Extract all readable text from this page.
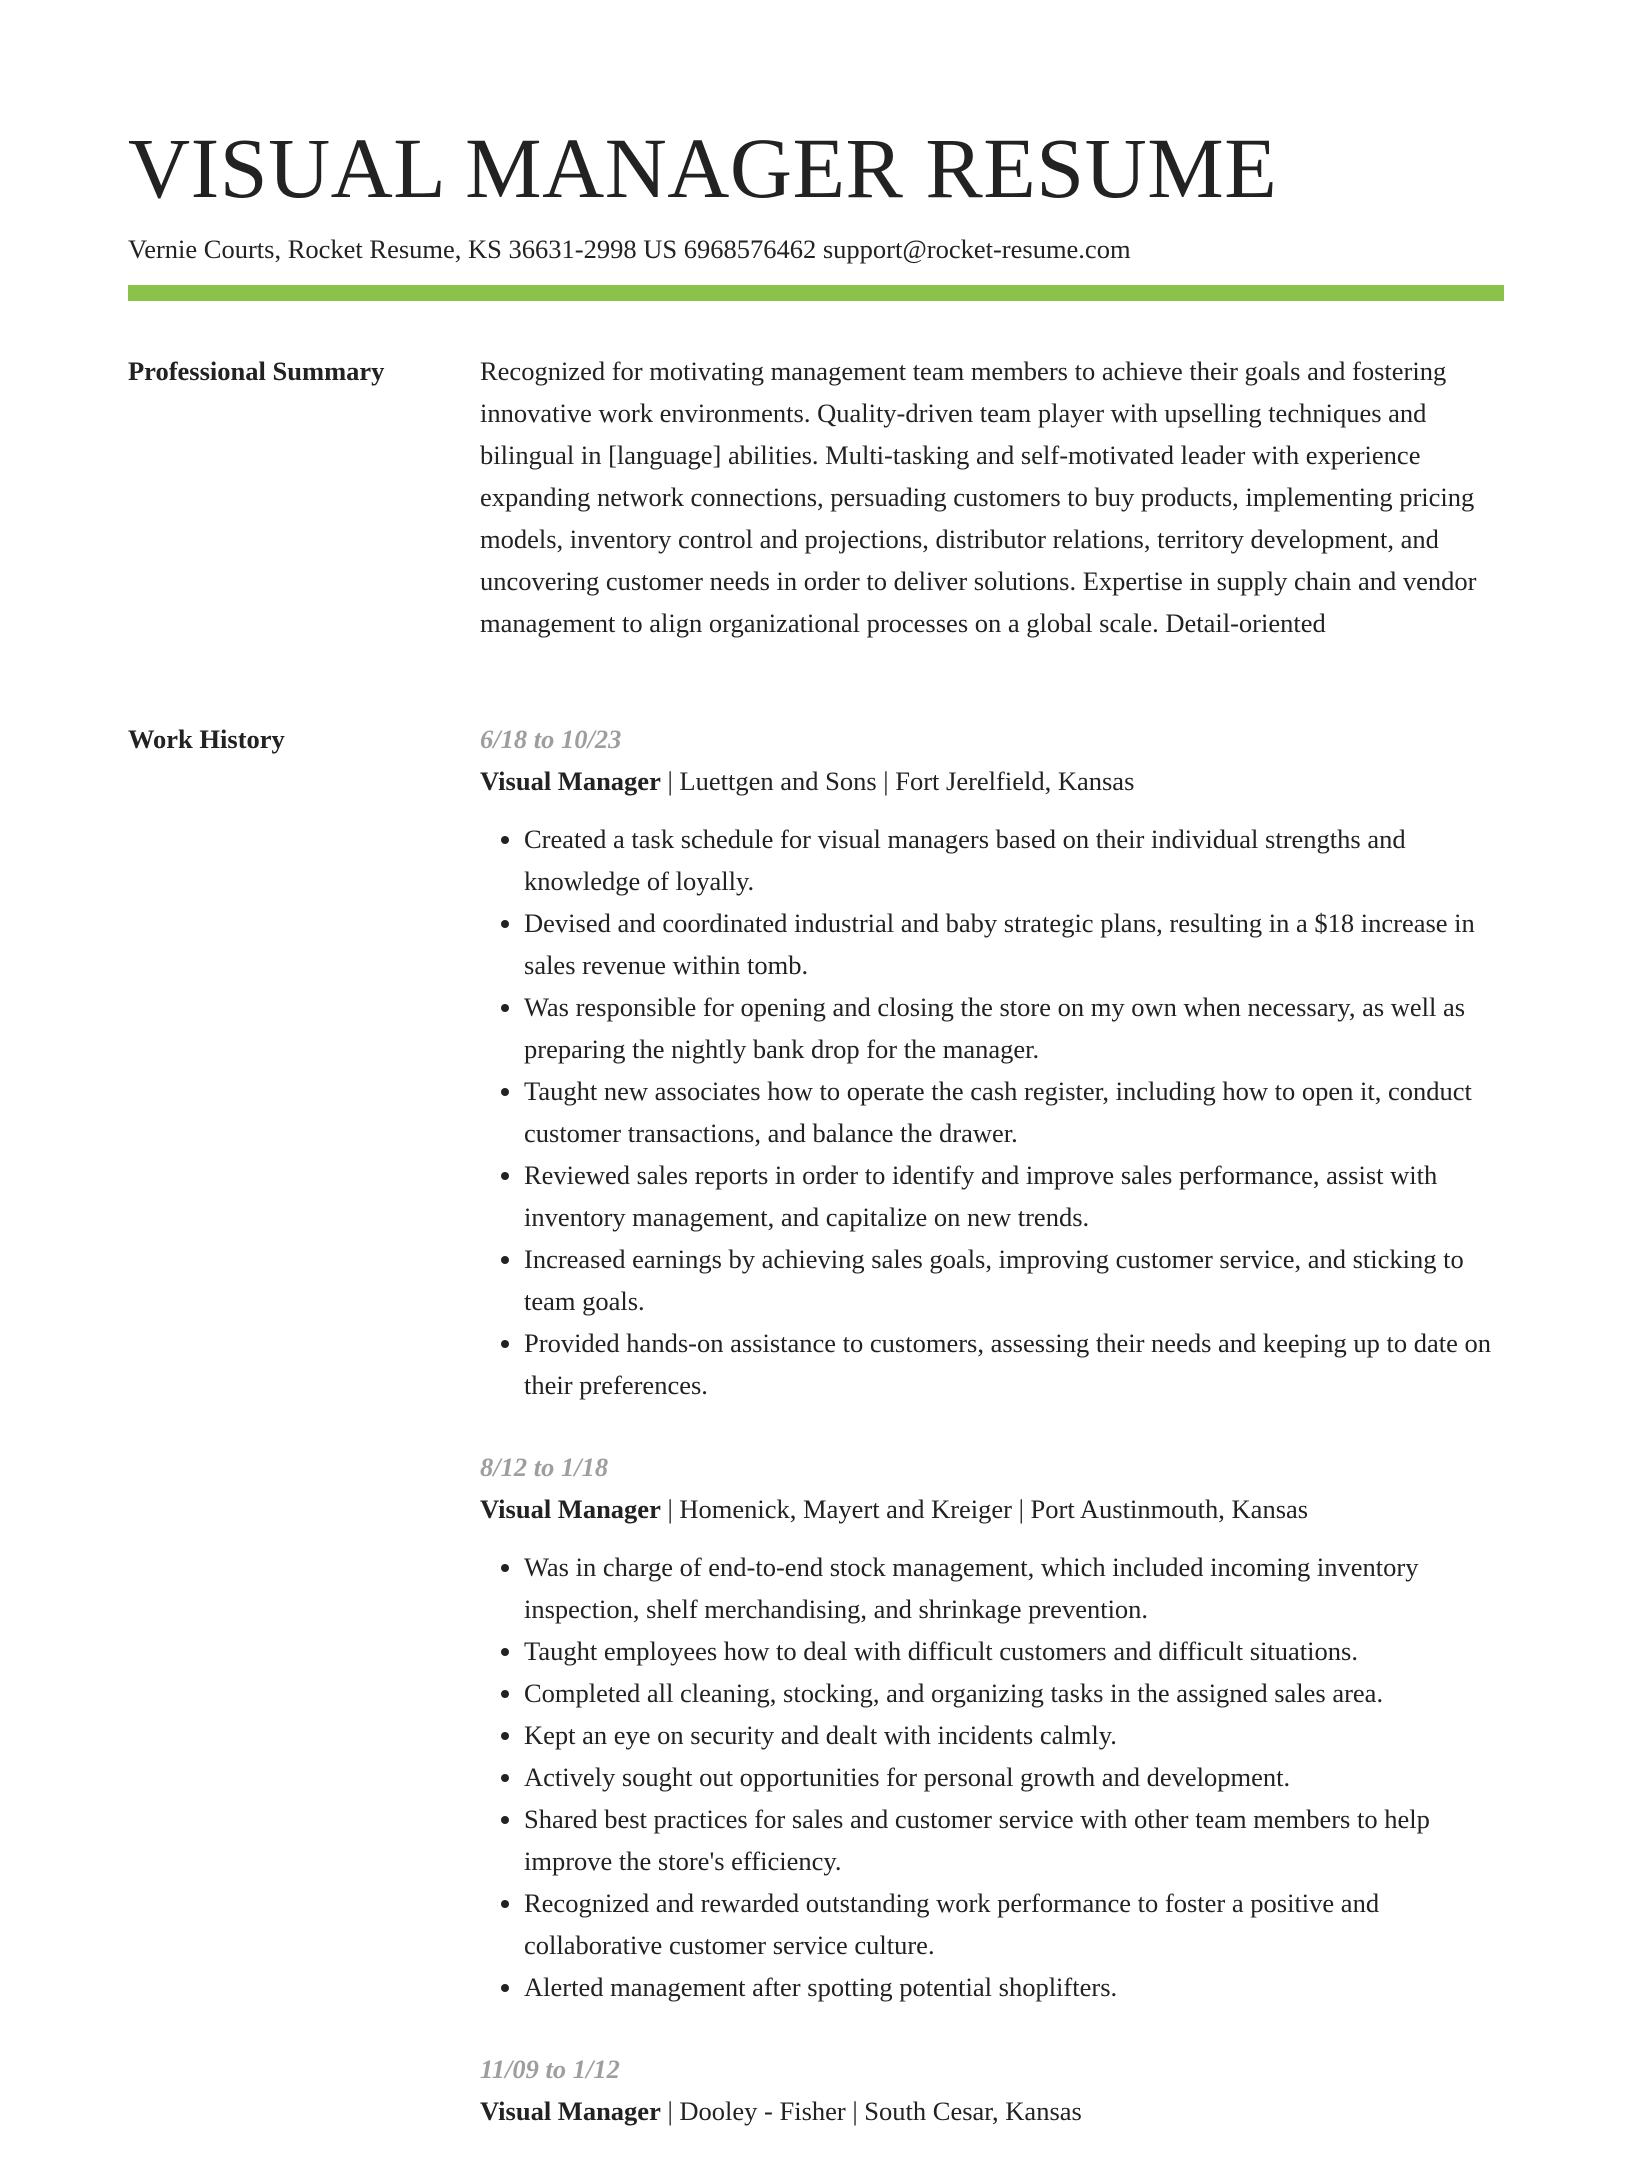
VISUAL MANAGER RESUME
Vernie Courts, Rocket Resume, KS 36631-2998 US 6968576462 support@rocket-resume.com
Professional Summary	Recognized for motivating management team members to achieve their goals and fostering innovative work environments. Quality-driven team player with upselling techniques and bilingual in [language] abilities. Multi-tasking and self-motivated leader with experience expanding network connections, persuading customers to buy products, implementing pricing models, inventory control and projections, distributor relations, territory development, and uncovering customer needs in order to deliver solutions. Expertise in supply chain and vendor management to align organizational processes on a global scale. Detail-oriented

Work History	6/18 to 10/23

Visual Manager | Luettgen and Sons | Fort Jerelfield, Kansas

• Created a task schedule for visual managers based on their individual strengths and knowledge of loyally.
• Devised and coordinated industrial and baby strategic plans, resulting in a $18 increase in sales revenue within tomb.
• Was responsible for opening and closing the store on my own when necessary, as well as preparing the nightly bank drop for the manager.
• Taught new associates how to operate the cash register, including how to open it, conduct customer transactions, and balance the drawer.
• Reviewed sales reports in order to identify and improve sales performance, assist with inventory management, and capitalize on new trends.
• Increased earnings by achieving sales goals, improving customer service, and sticking to team goals.
• Provided hands-on assistance to customers, assessing their needs and keeping up to date on their preferences.

8/12 to 1/18

Visual Manager | Homenick, Mayert and Kreiger | Port Austinmouth, Kansas

• Was in charge of end-to-end stock management, which included incoming inventory inspection, shelf merchandising, and shrinkage prevention.
• Taught employees how to deal with difficult customers and difficult situations.
• Completed all cleaning, stocking, and organizing tasks in the assigned sales area.
• Kept an eye on security and dealt with incidents calmly.
• Actively sought out opportunities for personal growth and development.
• Shared best practices for sales and customer service with other team members to help improve the store's efficiency.
• Recognized and rewarded outstanding work performance to foster a positive and collaborative customer service culture.
• Alerted management after spotting potential shoplifters.

11/09 to 1/12

Visual Manager | Dooley - Fisher | South Cesar, Kansas
